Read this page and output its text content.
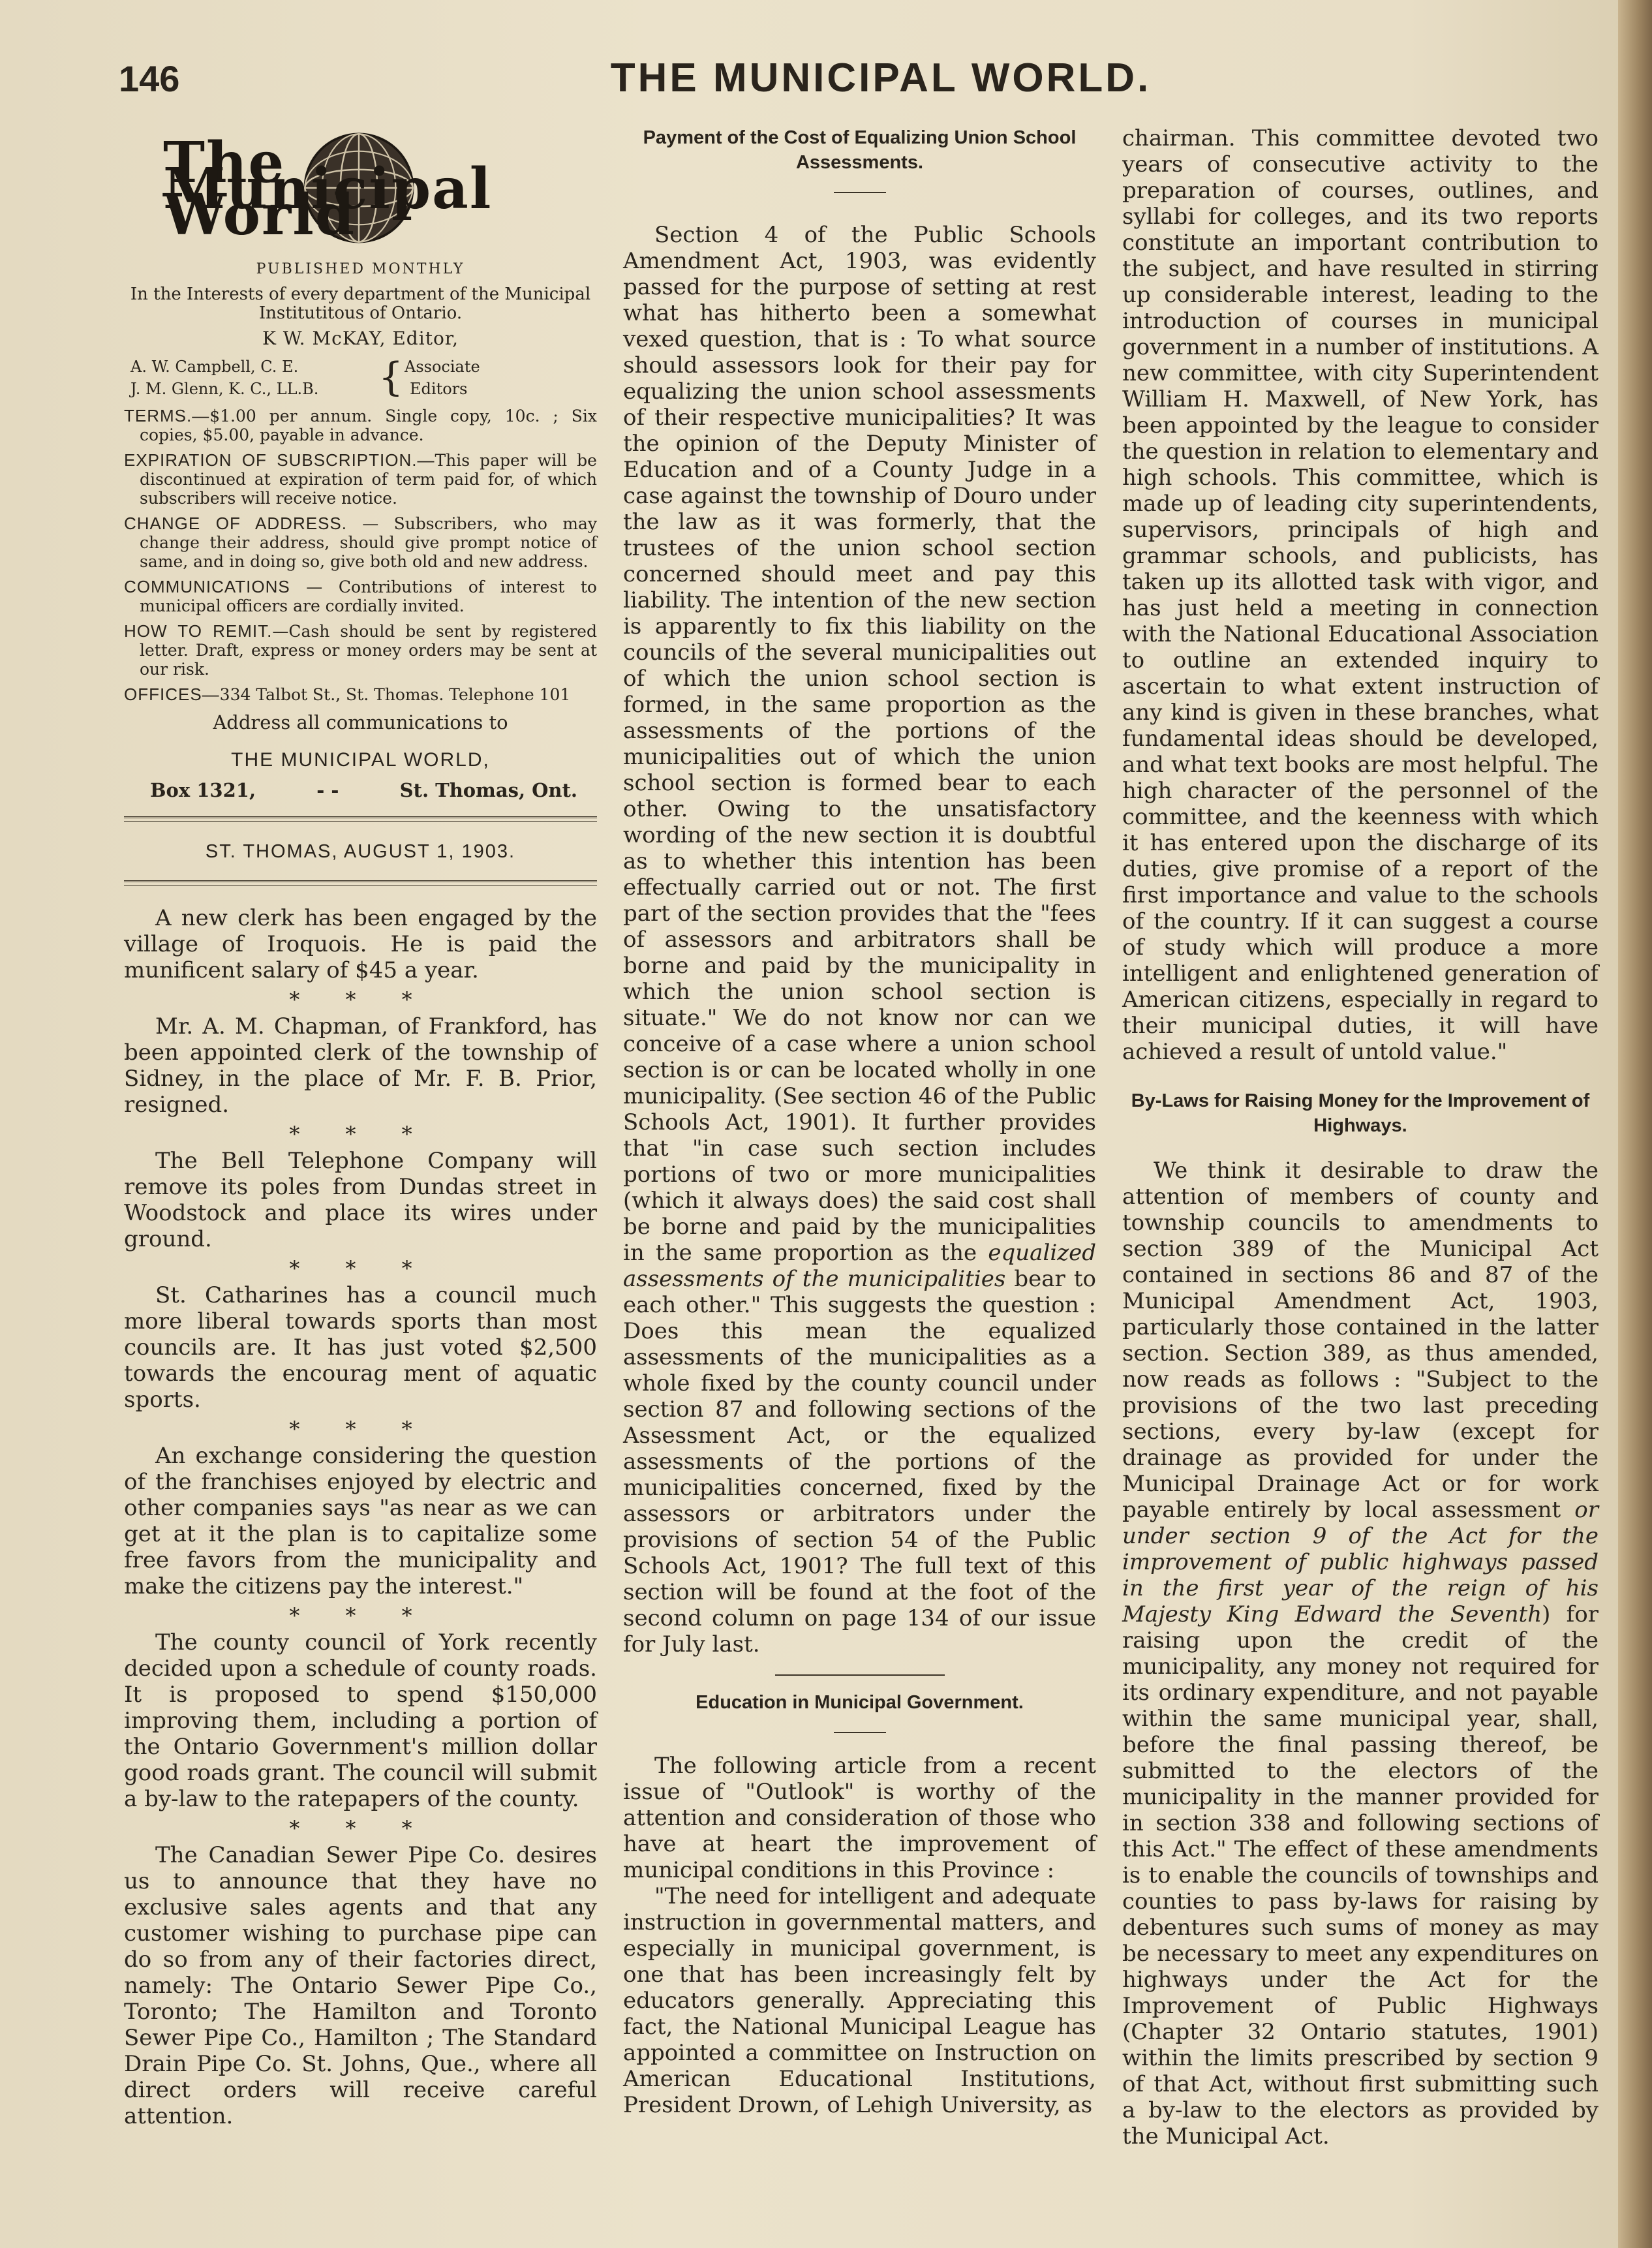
146	THE MUNICIPAL WORLD.
The Municipal World
PUBLISHED MONTHLY
In the Interests of every department of the Municipal
Institutitous of Ontario.
K W. McKAY, Editor,
A. W. Campbell, C. E.
J. M. Glenn, K. C., LL.B.	{ Associate
Editors

TERMS.—$1.00 per annum. Single copy, 10c. ; Six copies, $5.00, payable in advance.

EXPIRATION OF SUBSCRIPTION.—This paper will be discontinued at expiration of term paid for, of which subscribers will receive notice.

CHANGE OF ADDRESS. — Subscribers, who may change their address, should give prompt notice of same, and in doing so, give both old and new address.

COMMUNICATIONS — Contributions of interest to municipal officers are cordially invited.

HOW TO REMIT.—Cash should be sent by registered letter. Draft, express or money orders may be sent at our risk.

OFFICES—334 Talbot St., St. Thomas. Telephone 101

Address all communications to
THE MUNICIPAL WORLD,
Box 1321,	- -	St. Thomas, Ont.
ST. THOMAS, AUGUST 1, 1903.

A new clerk has been engaged by the village of Iroquois. He is paid the munificent salary of $45 a year.

* * *

Mr. A. M. Chapman, of Frankford, has been appointed clerk of the township of Sidney, in the place of Mr. F. B. Prior, resigned.

* * *

The Bell Telephone Company will remove its poles from Dundas street in Woodstock and place its wires under ground.

* * *

St. Catharines has a council much more liberal towards sports than most councils are. It has just voted $2,500 towards the encourag ment of aquatic sports.

* * *

An exchange considering the question of the franchises enjoyed by electric and other companies says "as near as we can get at it the plan is to capitalize some free favors from the municipality and make the citizens pay the interest."

* * *

The county council of York recently decided upon a schedule of county roads. It is proposed to spend $150,000 improving them, including a portion of the Ontario Government's million dollar good roads grant. The council will submit a by-law to the ratepapers of the county.

* * *

The Canadian Sewer Pipe Co. desires us to announce that they have no exclusive sales agents and that any customer wishing to purchase pipe can do so from any of their factories direct, namely: The Ontario Sewer Pipe Co., Toronto; The Hamilton and Toronto Sewer Pipe Co., Hamilton ; The Standard Drain Pipe Co. St. Johns, Que., where all direct orders will receive careful attention.

Payment of the Cost of Equalizing Union School Assessments.

Section 4 of the Public Schools Amendment Act, 1903, was evidently passed for the purpose of setting at rest what has hitherto been a somewhat vexed question, that is : To what source should assessors look for their pay for equalizing the union school assessments of their respective municipalities? It was the opinion of the Deputy Minister of Education and of a County Judge in a case against the township of Douro under the law as it was formerly, that the trustees of the union school section concerned should meet and pay this liability. The intention of the new section is apparently to fix this liability on the councils of the several municipalities out of which the union school section is formed, in the same proportion as the assessments of the portions of the municipalities out of which the union school section is formed bear to each other. Owing to the unsatisfactory wording of the new section it is doubtful as to whether this intention has been effectually carried out or not. The first part of the section provides that the "fees of assessors and arbitrators shall be borne and paid by the municipality in which the union school section is situate." We do not know nor can we conceive of a case where a union school section is or can be located wholly in one municipality. (See section 46 of the Public Schools Act, 1901). It further provides that "in case such section includes portions of two or more municipalities (which it always does) the said cost shall be borne and paid by the municipalities in the same proportion as the equalized assessments of the municipalities bear to each other." This suggests the question : Does this mean the equalized assessments of the municipalities as a whole fixed by the county council under section 87 and following sections of the Assessment Act, or the equalized assessments of the portions of the municipalities concerned, fixed by the assessors or arbitrators under the provisions of section 54 of the Public Schools Act, 1901? The full text of this section will be found at the foot of the second column on page 134 of our issue for July last.

Education in Municipal Government.

The following article from a recent issue of "Outlook" is worthy of the attention and consideration of those who have at heart the improvement of municipal conditions in this Province :

"The need for intelligent and adequate instruction in governmental matters, and especially in municipal government, is one that has been increasingly felt by educators generally. Appreciating this fact, the National Municipal League has appointed a committee on Instruction on American Educational Institutions, President Drown, of Lehigh University, as

chairman. This committee devoted two years of consecutive activity to the preparation of courses, outlines, and syllabi for colleges, and its two reports constitute an important contribution to the subject, and have resulted in stirring up considerable interest, leading to the introduction of courses in municipal government in a number of institutions. A new committee, with city Superintendent William H. Maxwell, of New York, has been appointed by the league to consider the question in relation to elementary and high schools. This committee, which is made up of leading city superintendents, supervisors, principals of high and grammar schools, and publicists, has taken up its allotted task with vigor, and has just held a meeting in connection with the National Educational Association to outline an extended inquiry to ascertain to what extent instruction of any kind is given in these branches, what fundamental ideas should be developed, and what text books are most helpful. The high character of the personnel of the committee, and the keenness with which it has entered upon the discharge of its duties, give promise of a report of the first importance and value to the schools of the country. If it can suggest a course of study which will produce a more intelligent and enlightened generation of American citizens, especially in regard to their municipal duties, it will have achieved a result of untold value."

By-Laws for Raising Money for the Improvement of Highways.

We think it desirable to draw the attention of members of county and township councils to amendments to section 389 of the Municipal Act contained in sections 86 and 87 of the Municipal Amendment Act, 1903, particularly those contained in the latter section. Section 389, as thus amended, now reads as follows : "Subject to the provisions of the two last preceding sections, every by-law (except for drainage as provided for under the Municipal Drainage Act or for work payable entirely by local assessment or under section 9 of the Act for the improvement of public highways passed in the first year of the reign of his Majesty King Edward the Seventh) for raising upon the credit of the municipality, any money not required for its ordinary expenditure, and not payable within the same municipal year, shall, before the final passing thereof, be submitted to the electors of the municipality in the manner provided for in section 338 and following sections of this Act." The effect of these amendments is to enable the councils of townships and counties to pass by-laws for raising by debentures such sums of money as may be necessary to meet any expenditures on highways under the Act for the Improvement of Public Highways (Chapter 32 Ontario statutes, 1901) within the limits prescribed by section 9 of that Act, without first submitting such a by-law to the electors as provided by the Municipal Act.
